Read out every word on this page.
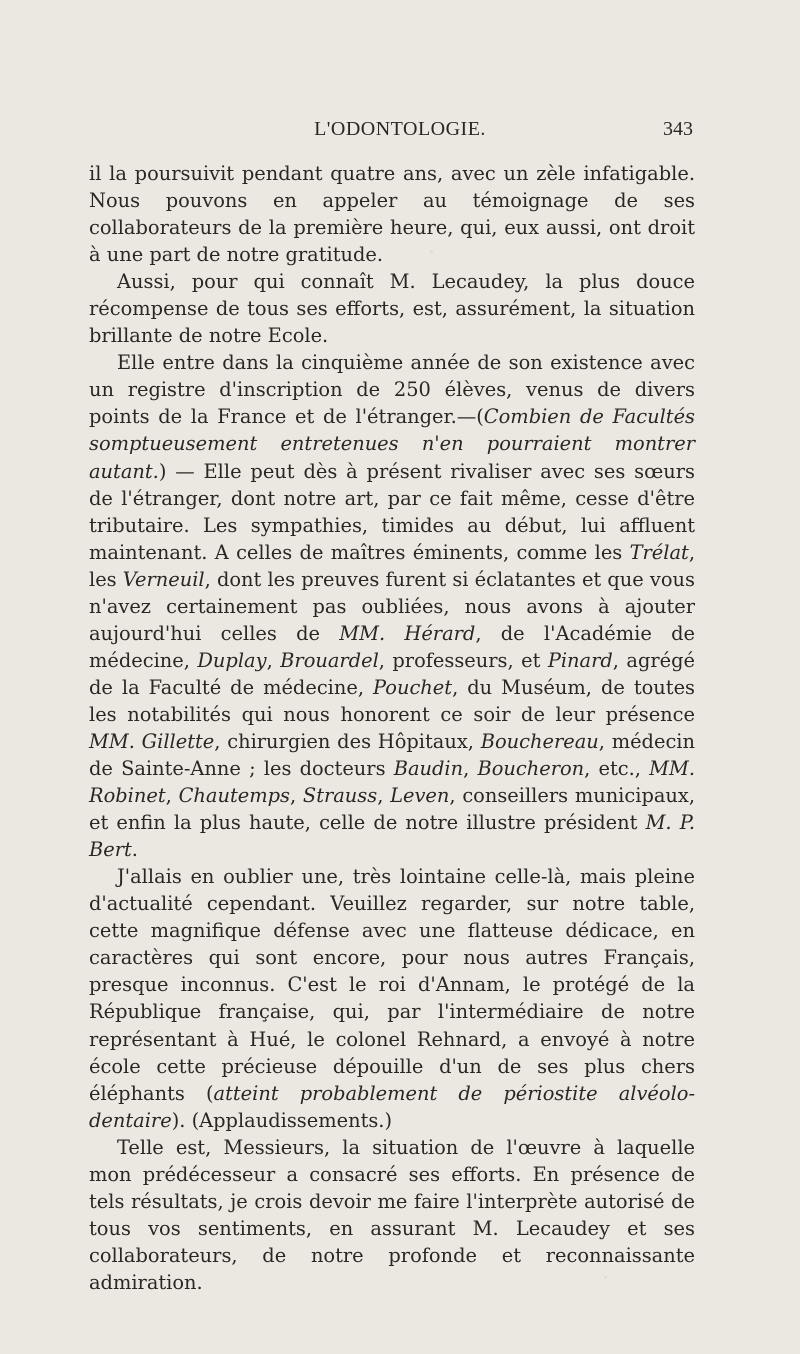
L'ODONTOLOGIE.	343

il la poursuivit pendant quatre ans, avec un zèle infatigable. Nous pouvons en appeler au témoignage de ses collaborateurs de la première heure, qui, eux aussi, ont droit à une part de notre gratitude.

Aussi, pour qui connaît M. Lecaudey, la plus douce récompense de tous ses efforts, est, assurément, la situation brillante de notre Ecole.

Elle entre dans la cinquième année de son existence avec un registre d'inscription de 250 élèves, venus de divers points de la France et de l'étranger.—(Combien de Facultés somptueusement entretenues n'en pourraient montrer autant.) — Elle peut dès à présent rivaliser avec ses sœurs de l'étranger, dont notre art, par ce fait même, cesse d'être tributaire. Les sympathies, timides au début, lui affluent maintenant. A celles de maîtres éminents, comme les Trélat, les Verneuil, dont les preuves furent si éclatantes et que vous n'avez certainement pas oubliées, nous avons à ajouter aujourd'hui celles de MM. Hérard, de l'Académie de médecine, Duplay, Brouardel, professeurs, et Pinard, agrégé de la Faculté de médecine, Pouchet, du Muséum, de toutes les notabilités qui nous honorent ce soir de leur présence MM. Gillette, chirurgien des Hôpitaux, Bouchereau, médecin de Sainte-Anne ; les docteurs Baudin, Boucheron, etc., MM. Robinet, Chautemps, Strauss, Leven, conseillers municipaux, et enfin la plus haute, celle de notre illustre président M. P. Bert.

J'allais en oublier une, très lointaine celle-là, mais pleine d'actualité cependant. Veuillez regarder, sur notre table, cette magnifique défense avec une flatteuse dédicace, en caractères qui sont encore, pour nous autres Français, presque inconnus. C'est le roi d'Annam, le protégé de la République française, qui, par l'intermédiaire de notre représentant à Hué, le colonel Rehnard, a envoyé à notre école cette précieuse dépouille d'un de ses plus chers éléphants (atteint probablement de périostite alvéolo-dentaire). (Applaudissements.)

Telle est, Messieurs, la situation de l'œuvre à laquelle mon prédécesseur a consacré ses efforts. En présence de tels résultats, je crois devoir me faire l'interprète autorisé de tous vos sentiments, en assurant M. Lecaudey et ses collaborateurs, de notre profonde et reconnaissante admiration.
